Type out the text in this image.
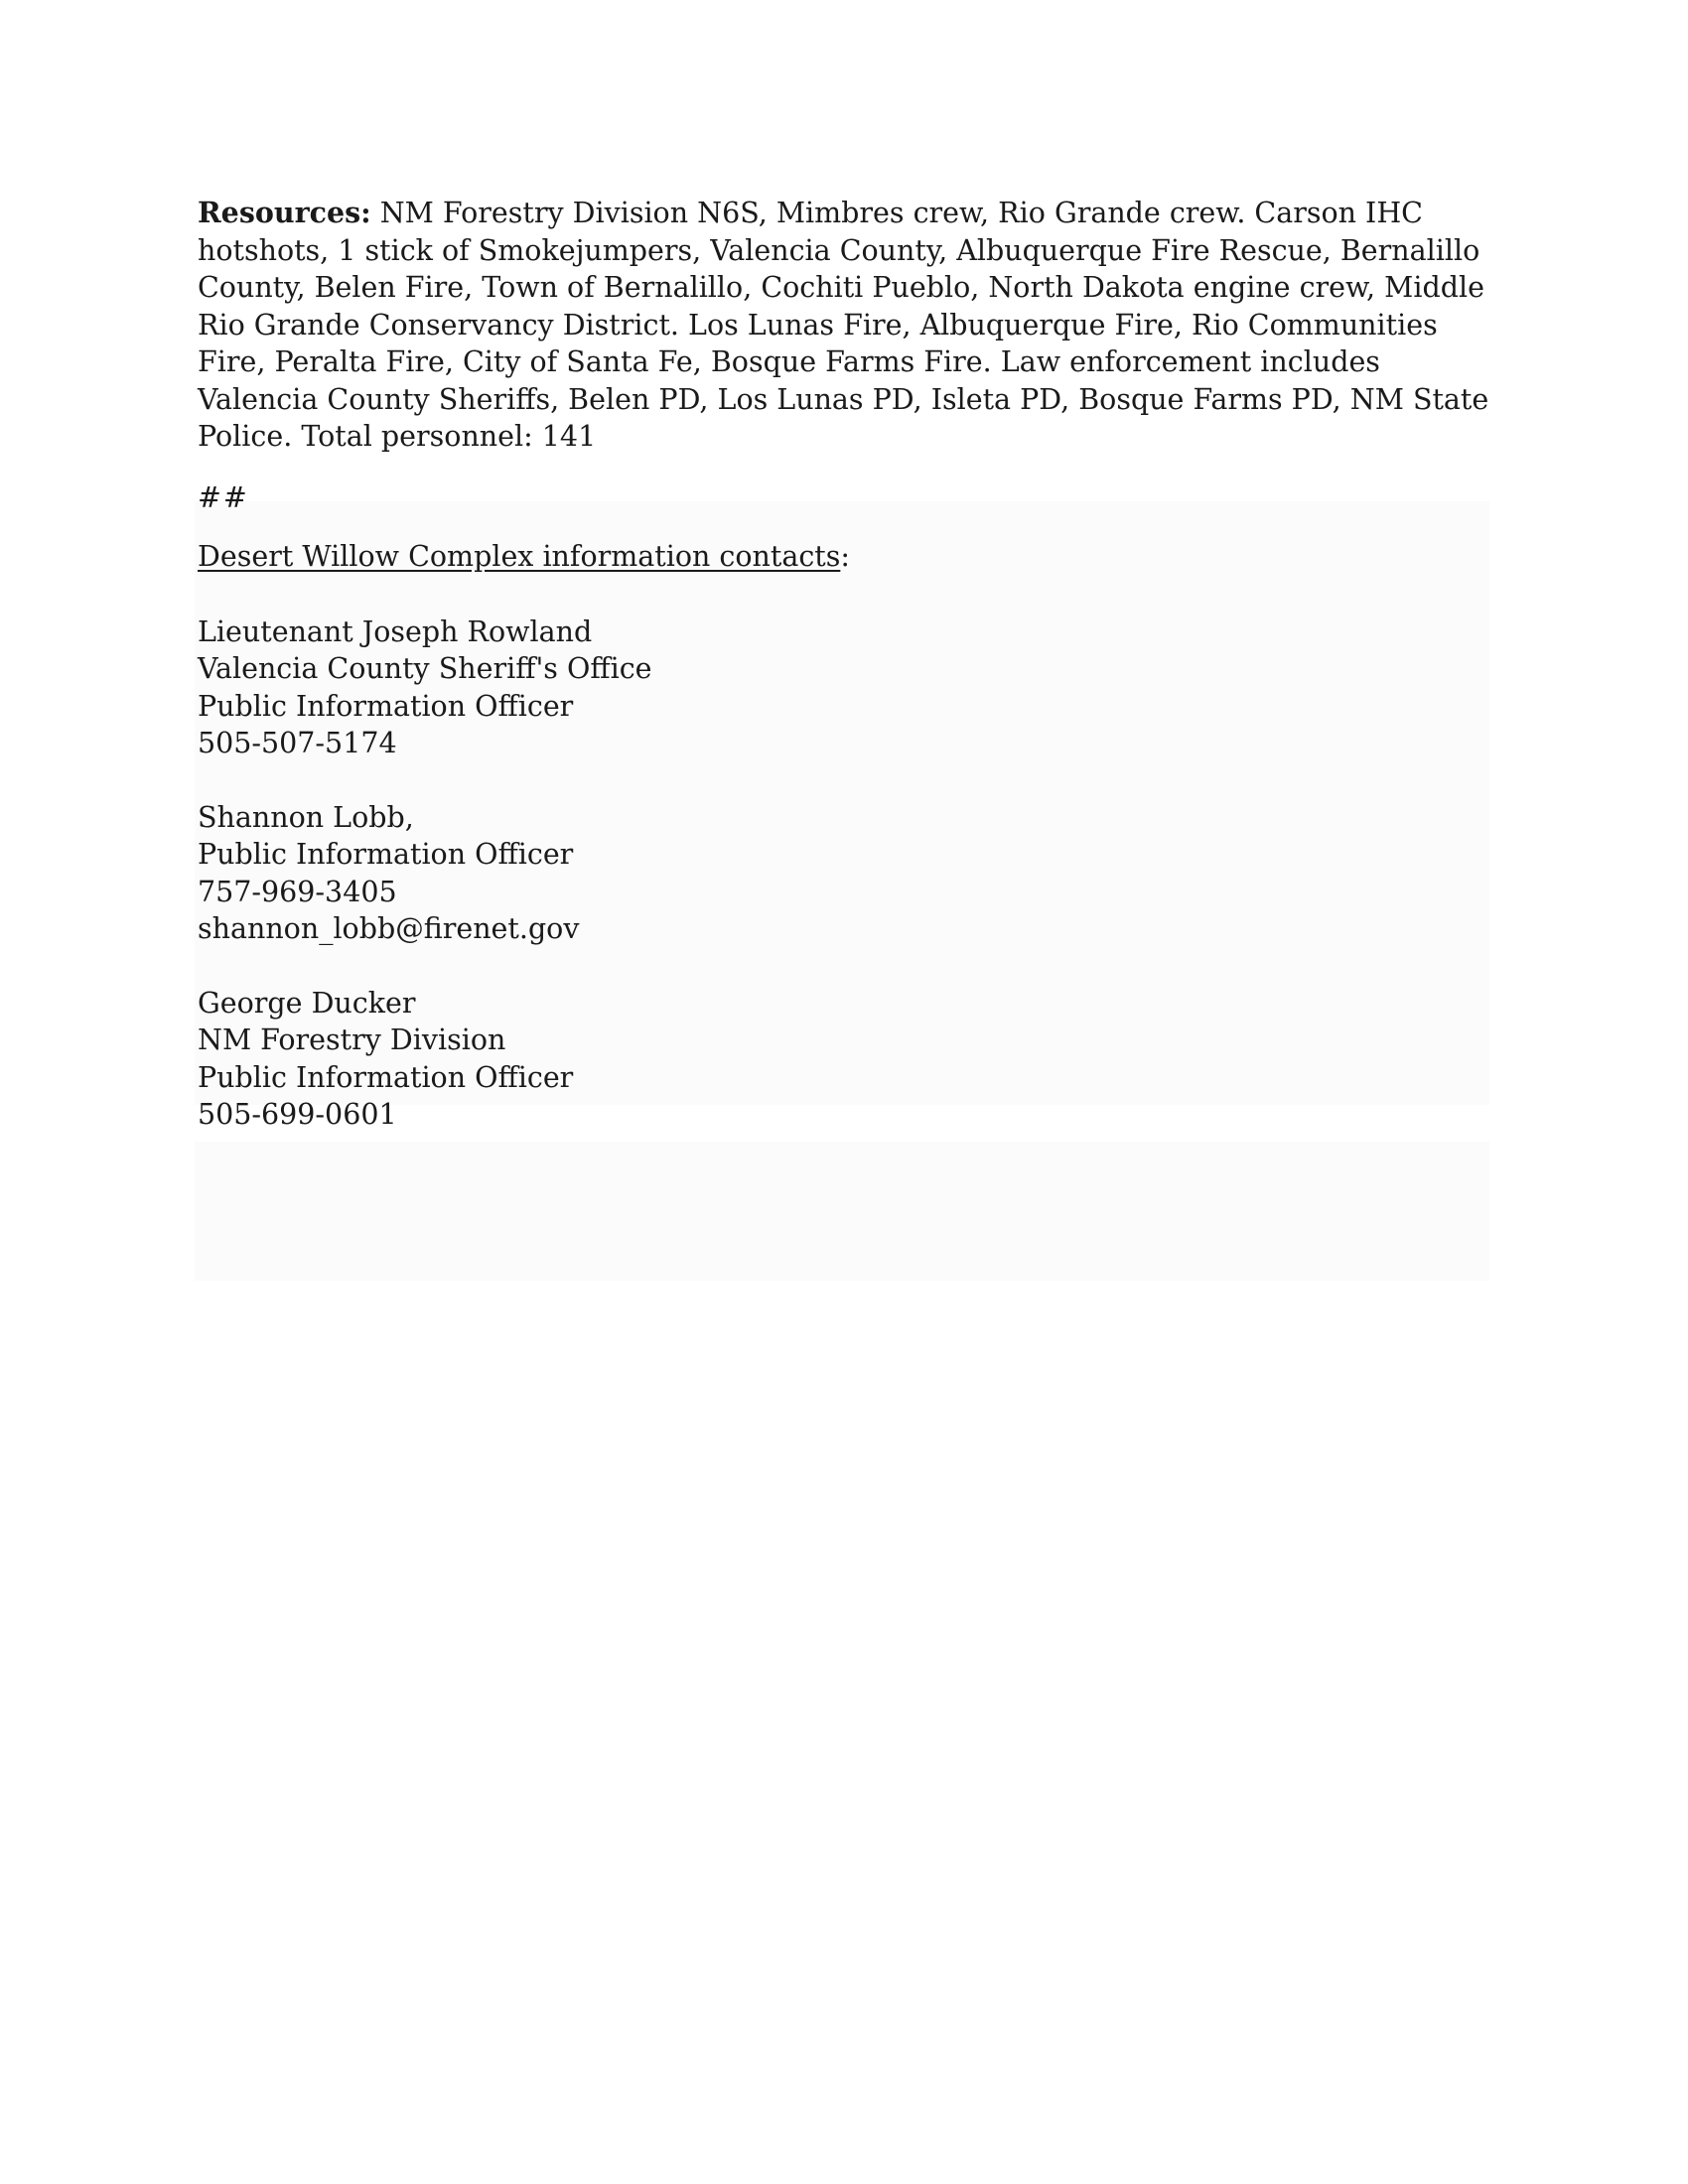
Resources: NM Forestry Division N6S, Mimbres crew, Rio Grande crew. Carson IHC hotshots, 1 stick of Smokejumpers, Valencia County, Albuquerque Fire Rescue, Bernalillo County, Belen Fire, Town of Bernalillo, Cochiti Pueblo, North Dakota engine crew, Middle Rio Grande Conservancy District. Los Lunas Fire, Albuquerque Fire, Rio Communities Fire, Peralta Fire, City of Santa Fe, Bosque Farms Fire. Law enforcement includes Valencia County Sheriffs, Belen PD, Los Lunas PD, Isleta PD, Bosque Farms PD, NM State Police. Total personnel: 141

##

Desert Willow Complex information contacts:

Lieutenant Joseph Rowland
Valencia County Sheriff's Office
Public Information Officer
505-507-5174
Shannon Lobb,
Public Information Officer
757-969-3405
shannon_lobb@firenet.gov
George Ducker
NM Forestry Division
Public Information Officer
505-699-0601
